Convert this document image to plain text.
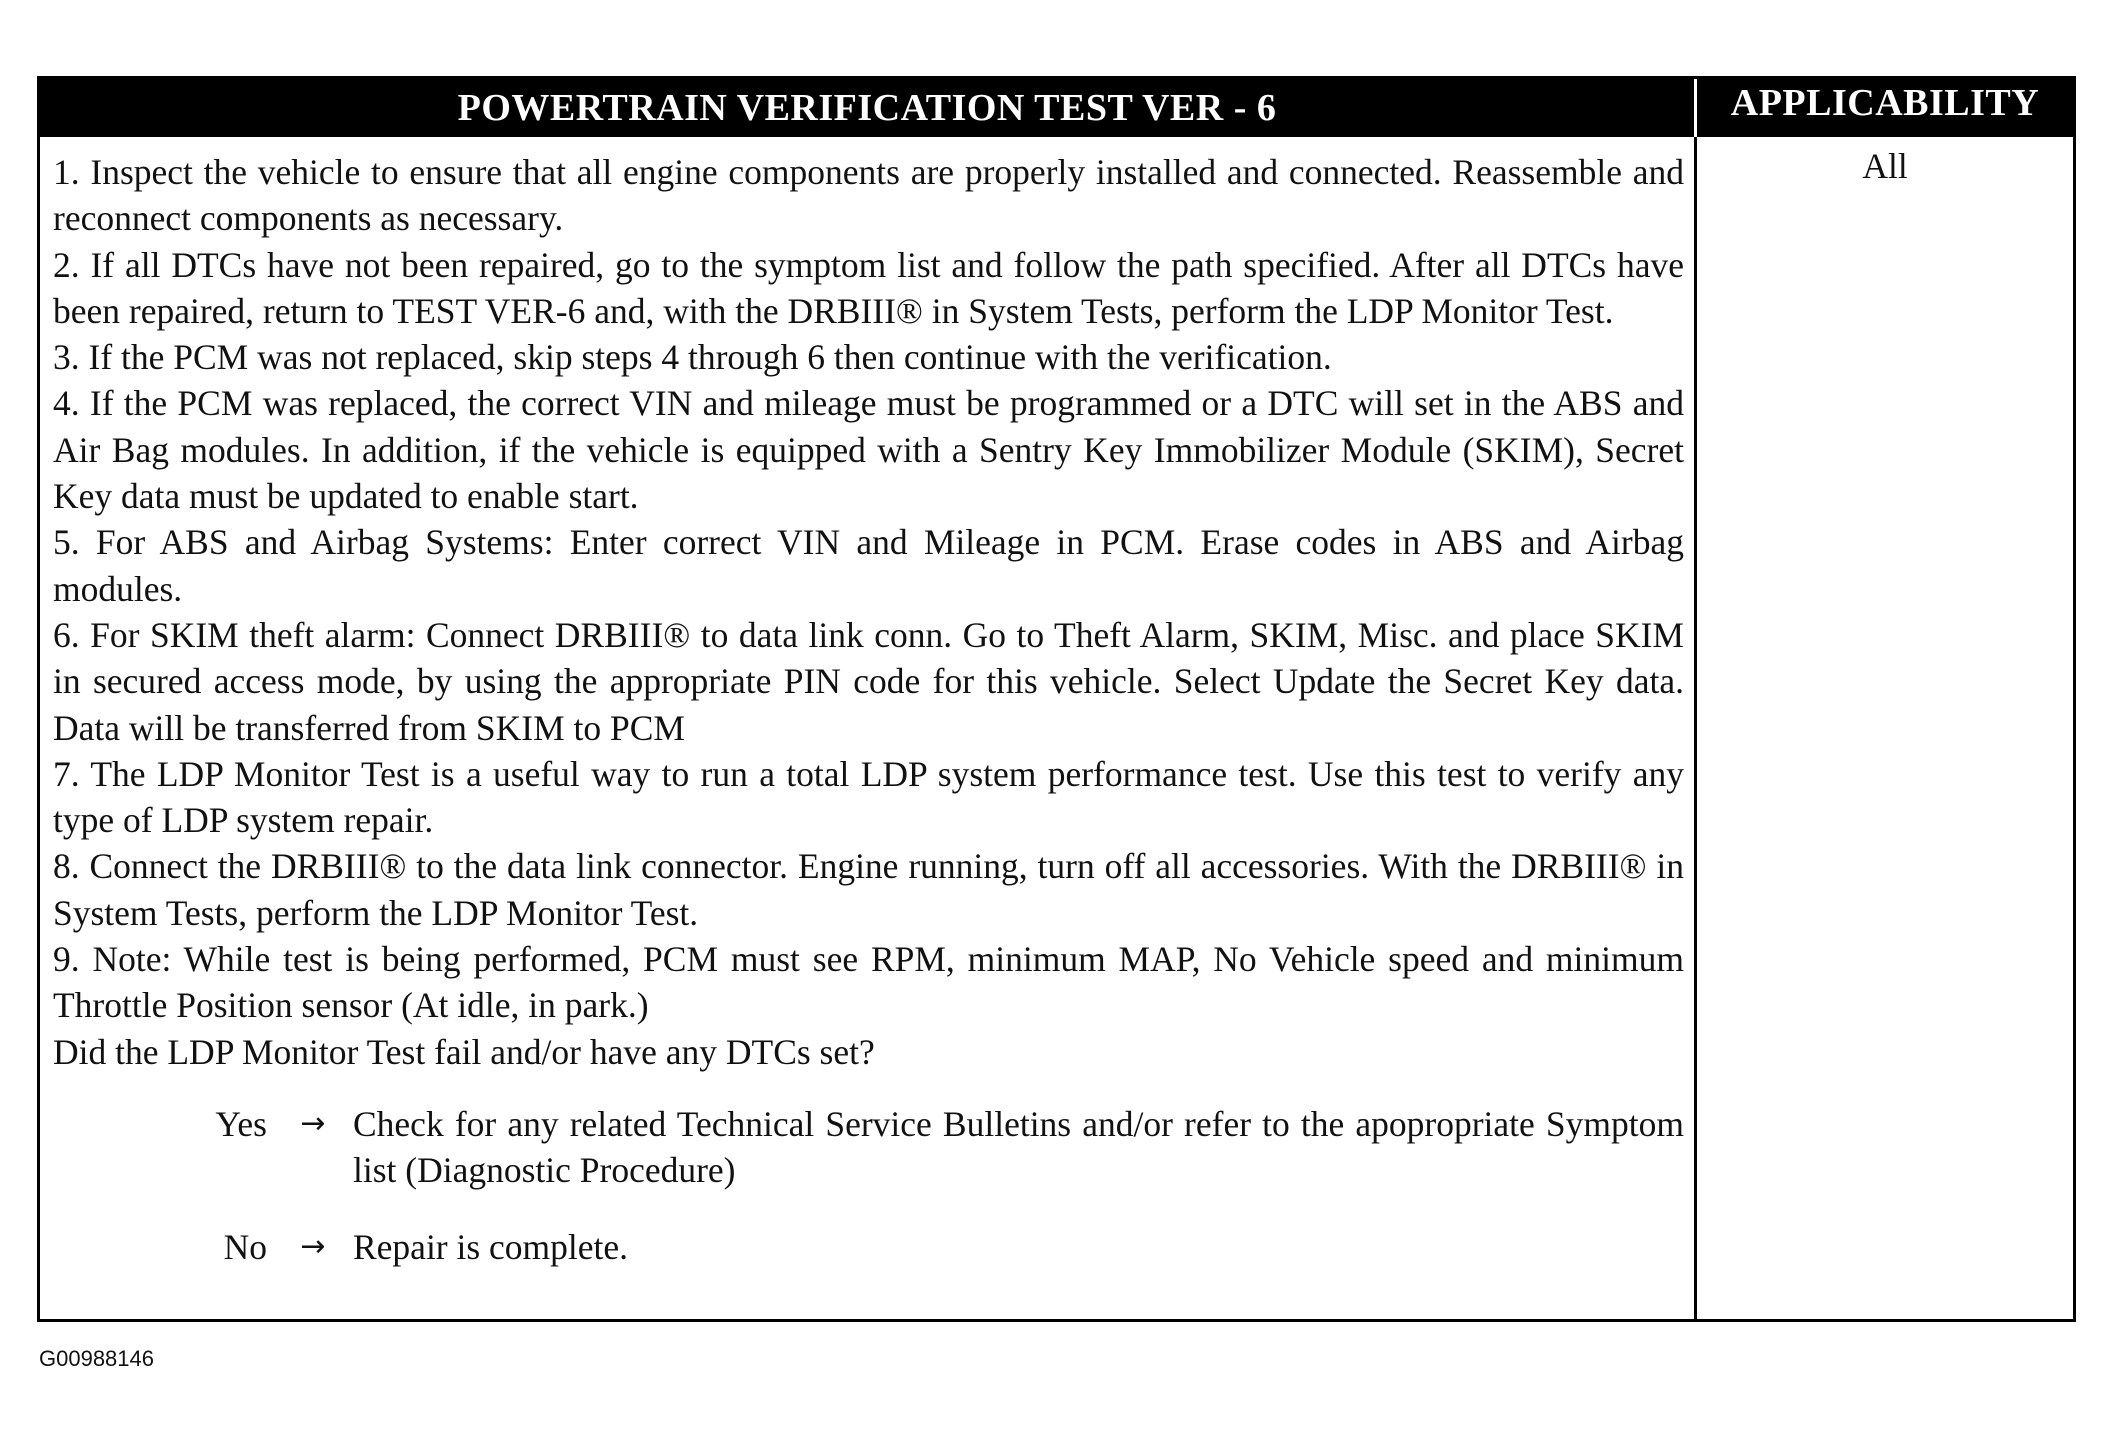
POWERTRAIN VERIFICATION TEST VER - 6	APPLICABILITY

1. Inspect the vehicle to ensure that all engine components are properly installed and connected. Reassemble and reconnect components as necessary.

2. If all DTCs have not been repaired, go to the symptom list and follow the path specified. After all DTCs have been repaired, return to TEST VER-6 and, with the DRBIII® in System Tests, perform the LDP Monitor Test.

3. If the PCM was not replaced, skip steps 4 through 6 then continue with the verification.

4. If the PCM was replaced, the correct VIN and mileage must be programmed or a DTC will set in the ABS and Air Bag modules. In addition, if the vehicle is equipped with a Sentry Key Immobilizer Module (SKIM), Secret Key data must be updated to enable start.

5. For ABS and Airbag Systems: Enter correct VIN and Mileage in PCM. Erase codes in ABS and Airbag modules.

6. For SKIM theft alarm: Connect DRBIII® to data link conn. Go to Theft Alarm, SKIM, Misc. and place SKIM in secured access mode, by using the appropriate PIN code for this vehicle. Select Update the Secret Key data. Data will be transferred from SKIM to PCM

7. The LDP Monitor Test is a useful way to run a total LDP system performance test. Use this test to verify any type of LDP system repair.

8. Connect the DRBIII® to the data link connector. Engine running, turn off all accessories. With the DRBIII® in System Tests, perform the LDP Monitor Test.

9. Note: While test is being performed, PCM must see RPM, minimum MAP, No Vehicle speed and minimum Throttle Position sensor (At idle, in park.)

Did the LDP Monitor Test fail and/or have any DTCs set?

Yes	→ Check for any related Technical Service Bulletins and/or refer to the apopropriate Symptom list (Diagnostic Procedure)
No	→ Repair is complete.
All
G00988146
